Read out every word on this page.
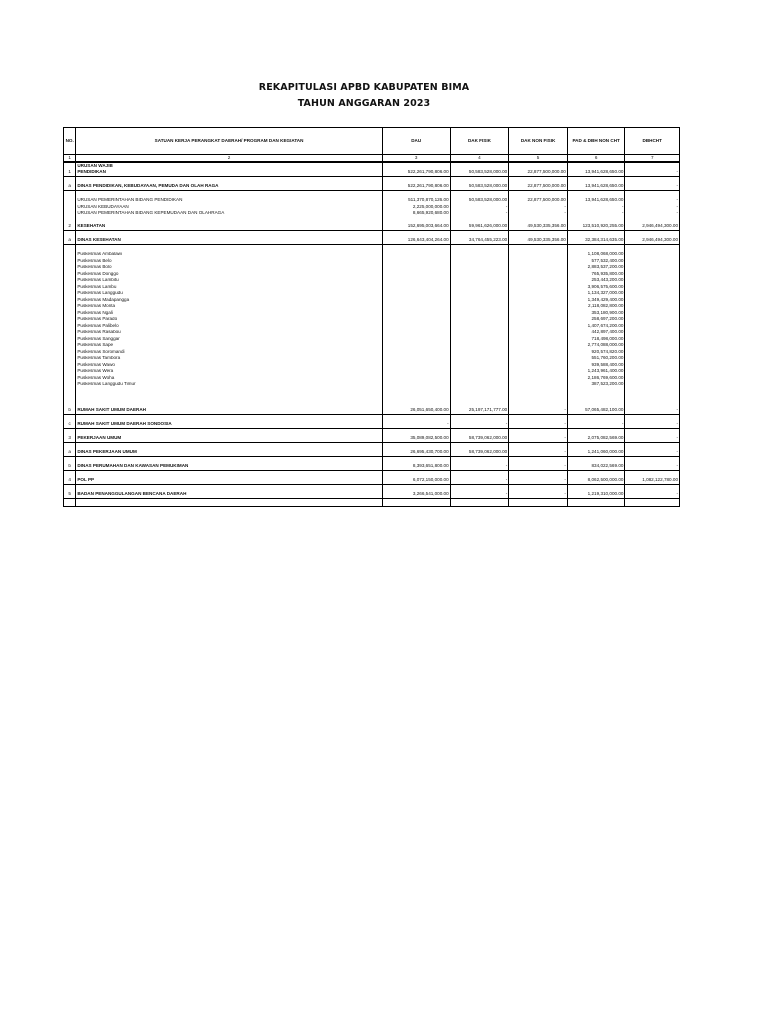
REKAPITULASI APBD KABUPATEN BIMA
TAHUN ANGGARAN 2023
NO.	SATUAN KERJA PERANGKAT DAERAH/ PROGRAM DAN KEGIATAN	DAU	DAK FISIK	DAK NON FISIK	PAD & DBH NON CHT	DBHCHT
1	2	3	4	5	6	7
	URUSAN WAJIB					
1	PENDIDIKAN	522,261,790,806.00	50,583,528,000.00	22,877,500,000.00	13,941,628,650.00	-

a	DINAS PENDIDIKAN, KEBUDAYAAN, PEMUDA DAN OLAH RAGA	522,261,790,806.00	50,583,528,000.00	22,877,500,000.00	13,941,628,650.00	-

	URUSAN PEMERINTAHAN BIDANG PENDIDIKAN	511,370,870,126.00	50,583,528,000.00	22,877,500,000.00	13,941,628,650.00	-
	URUSAN KEBUDAYAAN	2,225,000,000.00	-	-	-	-
	URUSAN PEMERINTAHAN BIDANG KEPEMUDAAN DAN OLAHRAGA	8,665,920,680.00	-	-	-	-

2	KESEHATAN	152,695,003,664.00	59,961,626,000.00	49,530,335,356.00	123,510,920,255.00	2,946,494,300.00

a	DINAS KESEHATAN	126,643,404,264.00	34,764,455,223.00	49,530,335,356.00	32,384,314,635.00	2,946,494,300.00

	Puskesmas Ambalawi				1,108,068,000.00	
	Puskesmas Belo				577,532,400.00	
	Puskesmas Bolo				2,883,537,200.00	
	Puskesmas Donggo				765,935,800.00	
	Puskesmas Lambitu				253,443,200.00	
	Puskesmas Lambu				3,906,575,600.00	
	Puskesmas Langgudu				1,134,327,000.00	
	Puskesmas Madapangga				1,349,429,400.00	
	Puskesmas Monta				2,118,082,800.00	
	Puskesmas Ngali				353,180,900.00	
	Puskesmas Parado				258,697,200.00	
	Puskesmas Palibelo				1,407,674,200.00	
	Puskesmas Rasabou				442,897,400.00	
	Puskesmas Sanggar				718,498,000.00	
	Puskesmas Sape				2,774,088,000.00	
	Puskesmas Soromandi				920,574,820.00	
	Puskesmas Tambora				551,760,200.00	
	Puskesmas Wawo				939,588,400.00	
	Puskesmas Wera				1,243,961,400.00	
	Puskesmas Woha				2,186,769,600.00	
	Puskesmas Langgudu Timur				387,523,200.00	

b	RUMAH SAKIT UMUM DAERAH	26,051,650,400.00	25,197,171,777.00	-	57,065,482,100.00	-

c	RUMAH SAKIT UMUM DAERAH SONDOSIA	-	-	-	-	-

3	PEKERJAAN UMUM	35,089,082,500.00	58,739,062,000.00	-	2,075,082,569.00	-

a	DINAS PEKERJAAN UMUM	26,695,430,700.00	58,739,062,000.00	-	1,241,060,000.00	-

b	DINAS PERUMAHAN DAN KAWASAN PEMUKIMAN	8,393,651,800.00	-	-	834,022,569.00	-

4	POL PP	6,072,150,000.00	-	-	8,062,500,000.00	1,082,122,780.00

5	BADAN PENANGGULANGAN BENCANA DAERAH	3,266,541,000.00	-	-	1,219,310,000.00	-
